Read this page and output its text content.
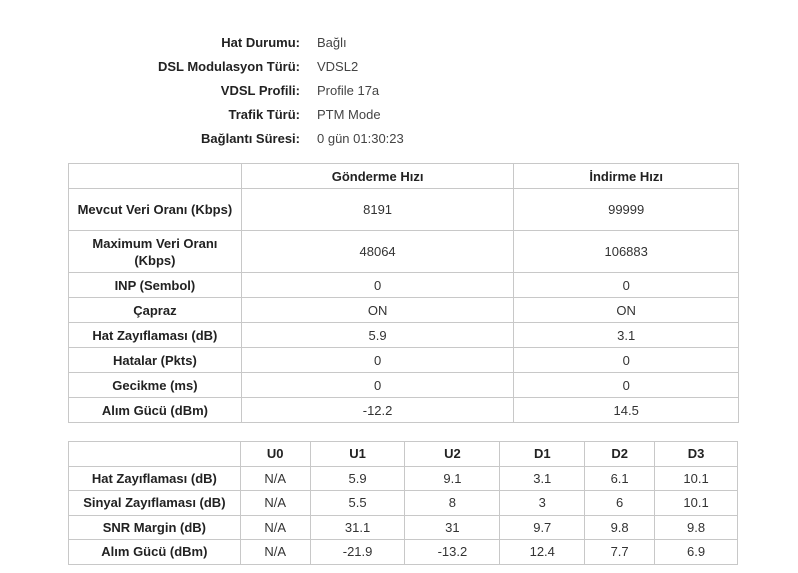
Hat Durumu: Bağlı
DSL Modulasyon Türü: VDSL2
VDSL Profili: Profile 17a
Trafik Türü: PTM Mode
Bağlantı Süresi: 0 gün 01:30:23
	Gönderme Hızı	İndirme Hızı
Mevcut Veri Oranı (Kbps)	8191	99999
Maximum Veri Oranı (Kbps)	48064	106883
INP (Sembol)	0	0
Çapraz	ON	ON
Hat Zayıflaması (dB)	5.9	3.1
Hatalar (Pkts)	0	0
Gecikme (ms)	0	0
Alım Gücü (dBm)	-12.2	14.5
	U0	U1	U2	D1	D2	D3
Hat Zayıflaması (dB)	N/A	5.9	9.1	3.1	6.1	10.1
Sinyal Zayıflaması (dB)	N/A	5.5	8	3	6	10.1
SNR Margin (dB)	N/A	31.1	31	9.7	9.8	9.8
Alım Gücü (dBm)	N/A	-21.9	-13.2	12.4	7.7	6.9
